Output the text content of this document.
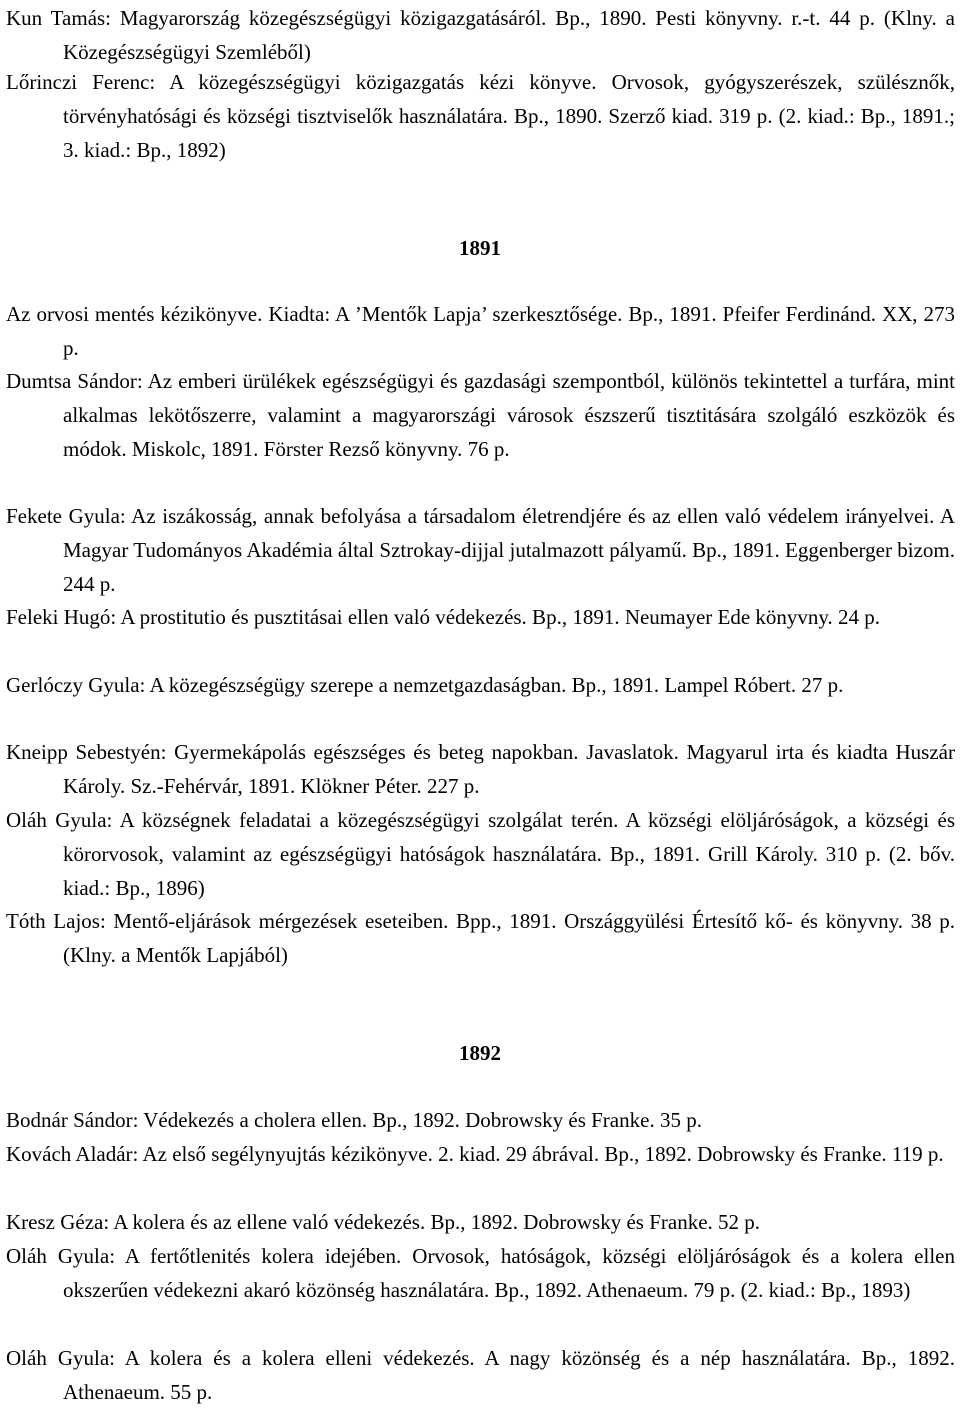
Kun Tamás: Magyarország közegészségügyi közigazgatásáról. Bp., 1890. Pesti könyvny. r.-t. 44 p. (Klny. a Közegészségügyi Szemléből)

Lőrinczi Ferenc: A közegészségügyi közigazgatás kézi könyve. Orvosok, gyógyszerészek, szülésznők, törvényhatósági és községi tisztviselők használatára. Bp., 1890. Szerző kiad. 319 p. (2. kiad.: Bp., 1891.; 3. kiad.: Bp., 1892)

1891

Az orvosi mentés kézikönyve. Kiadta: A ’Mentők Lapja’ szerkesztősége. Bp., 1891. Pfeifer Ferdinánd. XX, 273 p.

Dumtsa Sándor: Az emberi ürülékek egészségügyi és gazdasági szempontból, különös tekintettel a turfára, mint alkalmas lekötőszerre, valamint a magyarországi városok észszerű tisztitására szolgáló eszközök és módok. Miskolc, 1891. Förster Rezső könyvny. 76 p.

Fekete Gyula: Az iszákosság, annak befolyása a társadalom életrendjére és az ellen való védelem irányelvei. A Magyar Tudományos Akadémia által Sztrokay-dijjal jutalmazott pályamű. Bp., 1891. Eggenberger bizom. 244 p.

Feleki Hugó: A prostitutio és pusztitásai ellen való védekezés. Bp., 1891. Neumayer Ede könyvny. 24 p.

Gerlóczy Gyula: A közegészségügy szerepe a nemzetgazdaságban. Bp., 1891. Lampel Róbert. 27 p.

Kneipp Sebestyén: Gyermekápolás egészséges és beteg napokban. Javaslatok. Magyarul irta és kiadta Huszár Károly. Sz.-Fehérvár, 1891. Klökner Péter. 227 p.

Oláh Gyula: A községnek feladatai a közegészségügyi szolgálat terén. A községi elöljáróságok, a községi és körorvosok, valamint az egészségügyi hatóságok használatára. Bp., 1891. Grill Károly. 310 p. (2. bőv. kiad.: Bp., 1896)

Tóth Lajos: Mentő-eljárások mérgezések eseteiben. Bpp., 1891. Országgyülési Értesítő kő- és könyvny. 38 p. (Klny. a Mentők Lapjából)

1892

Bodnár Sándor: Védekezés a cholera ellen. Bp., 1892. Dobrowsky és Franke. 35 p.

Kovách Aladár: Az első segélynyujtás kézikönyve. 2. kiad. 29 ábrával. Bp., 1892. Dobrowsky és Franke. 119 p.

Kresz Géza: A kolera és az ellene való védekezés. Bp., 1892. Dobrowsky és Franke. 52 p.

Oláh Gyula: A fertőtlenités kolera idejében. Orvosok, hatóságok, községi elöljáróságok és a kolera ellen okszerűen védekezni akaró közönség használatára. Bp., 1892. Athenaeum. 79 p. (2. kiad.: Bp., 1893)

Oláh Gyula: A kolera és a kolera elleni védekezés. A nagy közönség és a nép használatára. Bp., 1892. Athenaeum. 55 p.
